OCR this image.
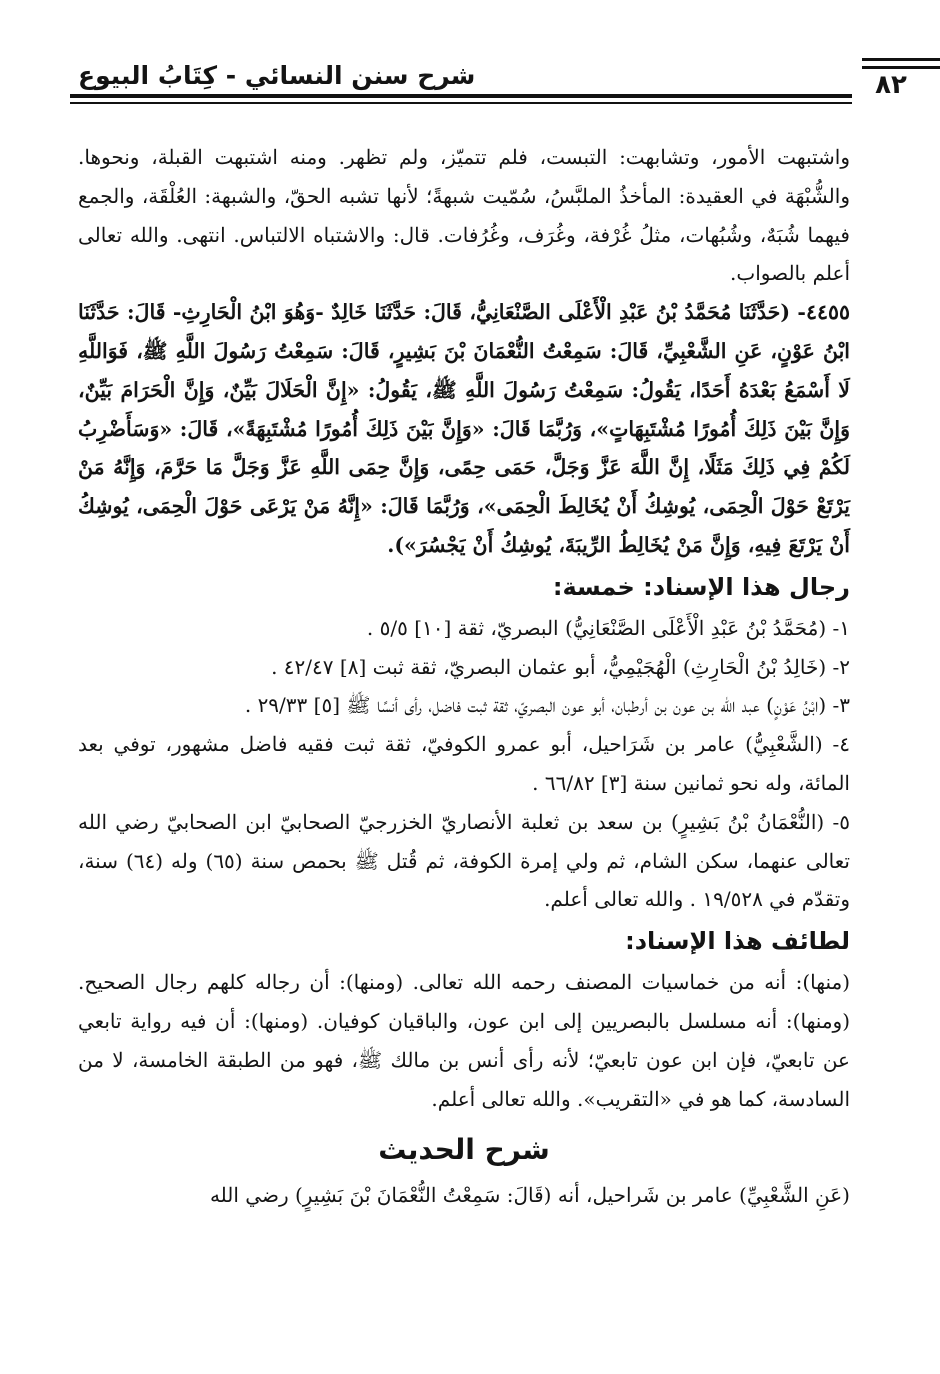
شرح سنن النسائي - كِتَابُ البيوع	٨٢

واشتبهت الأمور، وتشابهت: التبست، فلم تتميّز، ولم تظهر. ومنه اشتبهت القبلة، ونحوها. والشُّبْهَة في العقيدة: المأخذُ الملبَّسُ، سُمّيت شبهةً؛ لأنها تشبه الحقّ، والشبهة: العُلْقَة، والجمع فيهما شُبَهٌ، وشُبُهات، مثلُ غُرْفة، وغُرَف، وغُرُفات. قال: والاشتباه الالتباس. انتهى. والله تعالى أعلم بالصواب.

٤٤٥٥- (حَدَّثَنَا مُحَمَّدُ بْنُ عَبْدِ الْأَعْلَى الصَّنْعَانِيُّ، قَالَ: حَدَّثَنَا خَالِدٌ -وَهُوَ ابْنُ الْحَارِثِ- قَالَ: حَدَّثَنَا ابْنُ عَوْنٍ، عَنِ الشَّعْبِيِّ، قَالَ: سَمِعْتُ النُّعْمَانَ بْنَ بَشِيرٍ، قَالَ: سَمِعْتُ رَسُولَ اللَّهِ ﷺ، فَوَاللَّهِ لَا أَسْمَعُ بَعْدَهُ أَحَدًا، يَقُولُ: سَمِعْتُ رَسُولَ اللَّهِ ﷺ، يَقُولُ: «إِنَّ الْحَلَالَ بَيِّنٌ، وَإِنَّ الْحَرَامَ بَيِّنٌ، وَإِنَّ بَيْنَ ذَلِكَ أُمُورًا مُشْتَبِهَاتٍ»، وَرُبَّمَا قَالَ: «وَإِنَّ بَيْنَ ذَلِكَ أُمُورًا مُشْتَبِهَةً»، قَالَ: «وَسَأَضْرِبُ لَكُمْ فِي ذَلِكَ مَثَلًا، إِنَّ اللَّهَ عَزَّ وَجَلَّ، حَمَى حِمًى، وَإِنَّ حِمَى اللَّهِ عَزَّ وَجَلَّ مَا حَرَّمَ، وَإِنَّهُ مَنْ يَرْتَعْ حَوْلَ الْحِمَى، يُوشِكُ أَنْ يُخَالِطَ الْحِمَى»، وَرُبَّمَا قَالَ: «إِنَّهُ مَنْ يَرْعَى حَوْلَ الْحِمَى، يُوشِكُ أَنْ يَرْتَعَ فِيهِ، وَإِنَّ مَنْ يُخَالِطُ الرِّيبَةَ، يُوشِكُ أَنْ يَجْسُرَ»).

رجال هذا الإسناد: خمسة:

١- (مُحَمَّدُ بْنُ عَبْدِ الْأَعْلَى الصَّنْعَانِيُّ) البصريّ، ثقة [١٠] ٥/٥ .

٢- (خَالِدُ بْنُ الْحَارِثِ) الْهُجَيْمِيُّ، أبو عثمان البصريّ، ثقة ثبت [٨] ٤٢/٤٧ .

٣- (ابْنُ عَوْنٍ) عبد الله بن عون بن أرطبان، أبو عون البصريّ، ثقة ثبت فاضل، رأى أنسًا ﷺ [٥] ٢٩/٣٣ .

٤- (الشَّعْبِيُّ) عامر بن شَرَاحيل، أبو عمرو الكوفيّ، ثقة ثبت فقيه فاضل مشهور، توفي بعد المائة، وله نحو ثمانين سنة [٣] ٦٦/٨٢ .

٥- (النُّعْمَانُ بْنُ بَشِيرٍ) بن سعد بن ثعلبة الأنصاريّ الخزرجيّ الصحابيّ ابن الصحابيّ رضي الله تعالى عنهما، سكن الشام، ثم ولي إمرة الكوفة، ثم قُتل ﷺ بحمص سنة (٦٥) وله (٦٤) سنة، وتقدّم في ١٩/٥٢٨ . والله تعالى أعلم.

لطائف هذا الإسناد:

(منها): أنه من خماسيات المصنف رحمه الله تعالى. (ومنها): أن رجاله كلهم رجال الصحيح. (ومنها): أنه مسلسل بالبصريين إلى ابن عون، والباقيان كوفيان. (ومنها): أن فيه رواية تابعي عن تابعيّ، فإن ابن عون تابعيّ؛ لأنه رأى أنس بن مالك ﷺ، فهو من الطبقة الخامسة، لا من السادسة، كما هو في «التقريب». والله تعالى أعلم.

شرح الحديث

(عَنِ الشَّعْبِيِّ) عامر بن شَراحيل، أنه (قَالَ: سَمِعْتُ النُّعْمَانَ بْنَ بَشِيرٍ) رضي الله
